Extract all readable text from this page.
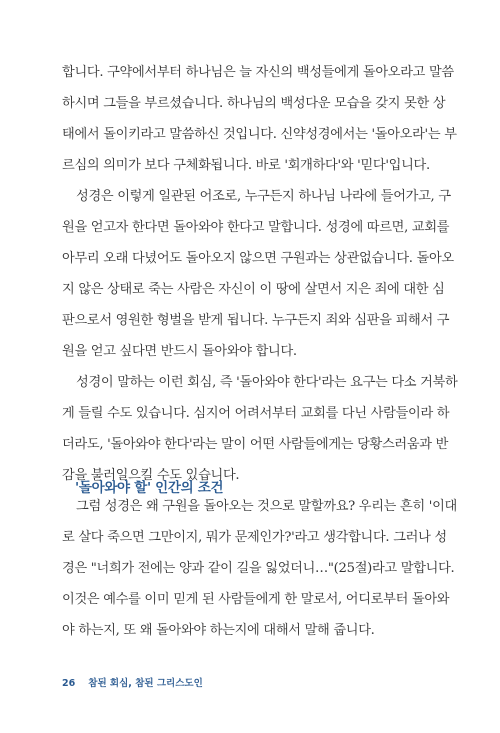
합니다. 구약에서부터 하나님은 늘 자신의 백성들에게 돌아오라고 말씀
하시며 그들을 부르셨습니다. 하나님의 백성다운 모습을 갖지 못한 상
태에서 돌이키라고 말씀하신 것입니다. 신약성경에서는 '돌아오라'는 부
르심의 의미가 보다 구체화됩니다. 바로 '회개하다'와 '믿다'입니다.
성경은 이렇게 일관된 어조로, 누구든지 하나님 나라에 들어가고, 구
원을 얻고자 한다면 돌아와야 한다고 말합니다. 성경에 따르면, 교회를
아무리 오래 다녔어도 돌아오지 않으면 구원과는 상관없습니다. 돌아오
지 않은 상태로 죽는 사람은 자신이 이 땅에 살면서 지은 죄에 대한 심
판으로서 영원한 형벌을 받게 됩니다. 누구든지 죄와 심판을 피해서 구
원을 얻고 싶다면 반드시 돌아와야 합니다.
성경이 말하는 이런 회심, 즉 '돌아와야 한다'라는 요구는 다소 거북하
게 들릴 수도 있습니다. 심지어 어려서부터 교회를 다닌 사람들이라 하
더라도, '돌아와야 한다'라는 말이 어떤 사람들에게는 당황스러움과 반
감을 불러일으킬 수도 있습니다.
'돌아와야 할' 인간의 조건
그럼 성경은 왜 구원을 돌아오는 것으로 말할까요? 우리는 흔히 '이대
로 살다 죽으면 그만이지, 뭐가 문제인가?'라고 생각합니다. 그러나 성
경은 "너희가 전에는 양과 같이 길을 잃었더니…"(25절)라고 말합니다.
이것은 예수를 이미 믿게 된 사람들에게 한 말로서, 어디로부터 돌아와
야 하는지, 또 왜 돌아와야 하는지에 대해서 말해 줍니다.
26 참된 회심, 참된 그리스도인
